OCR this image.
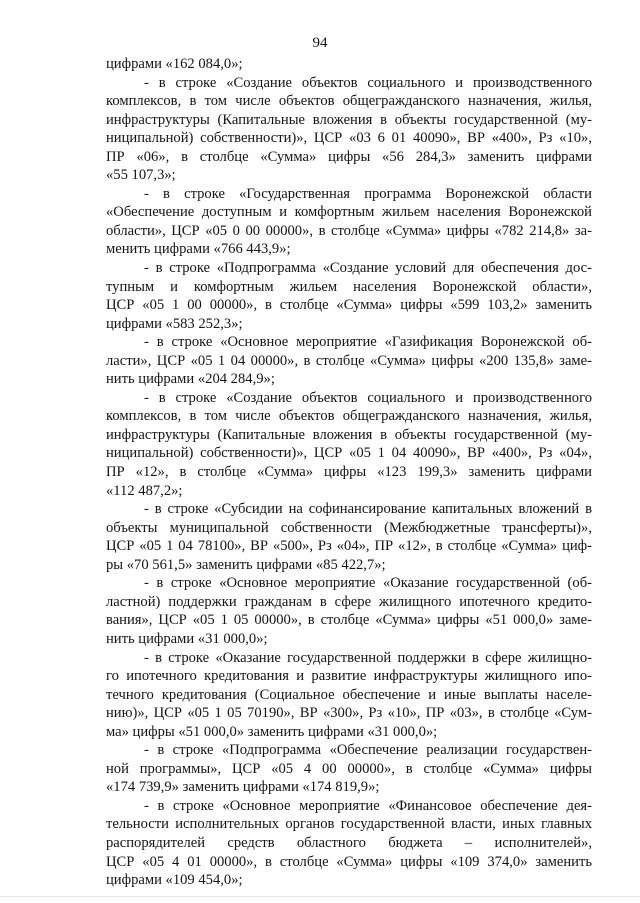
94
цифрами «162 084,0»;
- в строке «Создание объектов социального и производственного
комплексов, в том числе объектов общегражданского назначения, жилья,
инфраструктуры (Капитальные вложения в объекты государственной (му-
ниципальной) собственности)», ЦСР «03 6 01 40090», ВР «400», Рз «10»,
ПР «06», в столбце «Сумма» цифры «56 284,3» заменить цифрами
«55 107,3»;
- в строке «Государственная программа Воронежской области
«Обеспечение доступным и комфортным жильем населения Воронежской
области», ЦСР «05 0 00 00000», в столбце «Сумма» цифры «782 214,8» за-
менить цифрами «766 443,9»;
- в строке «Подпрограмма «Создание условий для обеспечения дос-
тупным и комфортным жильем населения Воронежской области»,
ЦСР «05 1 00 00000», в столбце «Сумма» цифры «599 103,2» заменить
цифрами «583 252,3»;
- в строке «Основное мероприятие «Газификация Воронежской об-
ласти», ЦСР «05 1 04 00000», в столбце «Сумма» цифры «200 135,8» заме-
нить цифрами «204 284,9»;
- в строке «Создание объектов социального и производственного
комплексов, в том числе объектов общегражданского назначения, жилья,
инфраструктуры (Капитальные вложения в объекты государственной (му-
ниципальной) собственности)», ЦСР «05 1 04 40090», ВР «400», Рз «04»,
ПР «12», в столбце «Сумма» цифры «123 199,3» заменить цифрами
«112 487,2»;
- в строке «Субсидии на софинансирование капитальных вложений в
объекты муниципальной собственности (Межбюджетные трансферты)»,
ЦСР «05 1 04 78100», ВР «500», Рз «04», ПР «12», в столбце «Сумма» циф-
ры «70 561,5» заменить цифрами «85 422,7»;
- в строке «Основное мероприятие «Оказание государственной (об-
ластной) поддержки гражданам в сфере жилищного ипотечного кредито-
вания», ЦСР «05 1 05 00000», в столбце «Сумма» цифры «51 000,0» заме-
нить цифрами «31 000,0»;
- в строке «Оказание государственной поддержки в сфере жилищно-
го ипотечного кредитования и развитие инфраструктуры жилищного ипо-
течного кредитования (Социальное обеспечение и иные выплаты населе-
нию)», ЦСР «05 1 05 70190», ВР «300», Рз «10», ПР «03», в столбце «Сум-
ма» цифры «51 000,0» заменить цифрами «31 000,0»;
- в строке «Подпрограмма «Обеспечение реализации государствен-
ной программы», ЦСР «05 4 00 00000», в столбце «Сумма» цифры
«174 739,9» заменить цифрами «174 819,9»;
- в строке «Основное мероприятие «Финансовое обеспечение дея-
тельности исполнительных органов государственной власти, иных главных
распорядителей средств областного бюджета – исполнителей»,
ЦСР «05 4 01 00000», в столбце «Сумма» цифры «109 374,0» заменить
цифрами «109 454,0»;
